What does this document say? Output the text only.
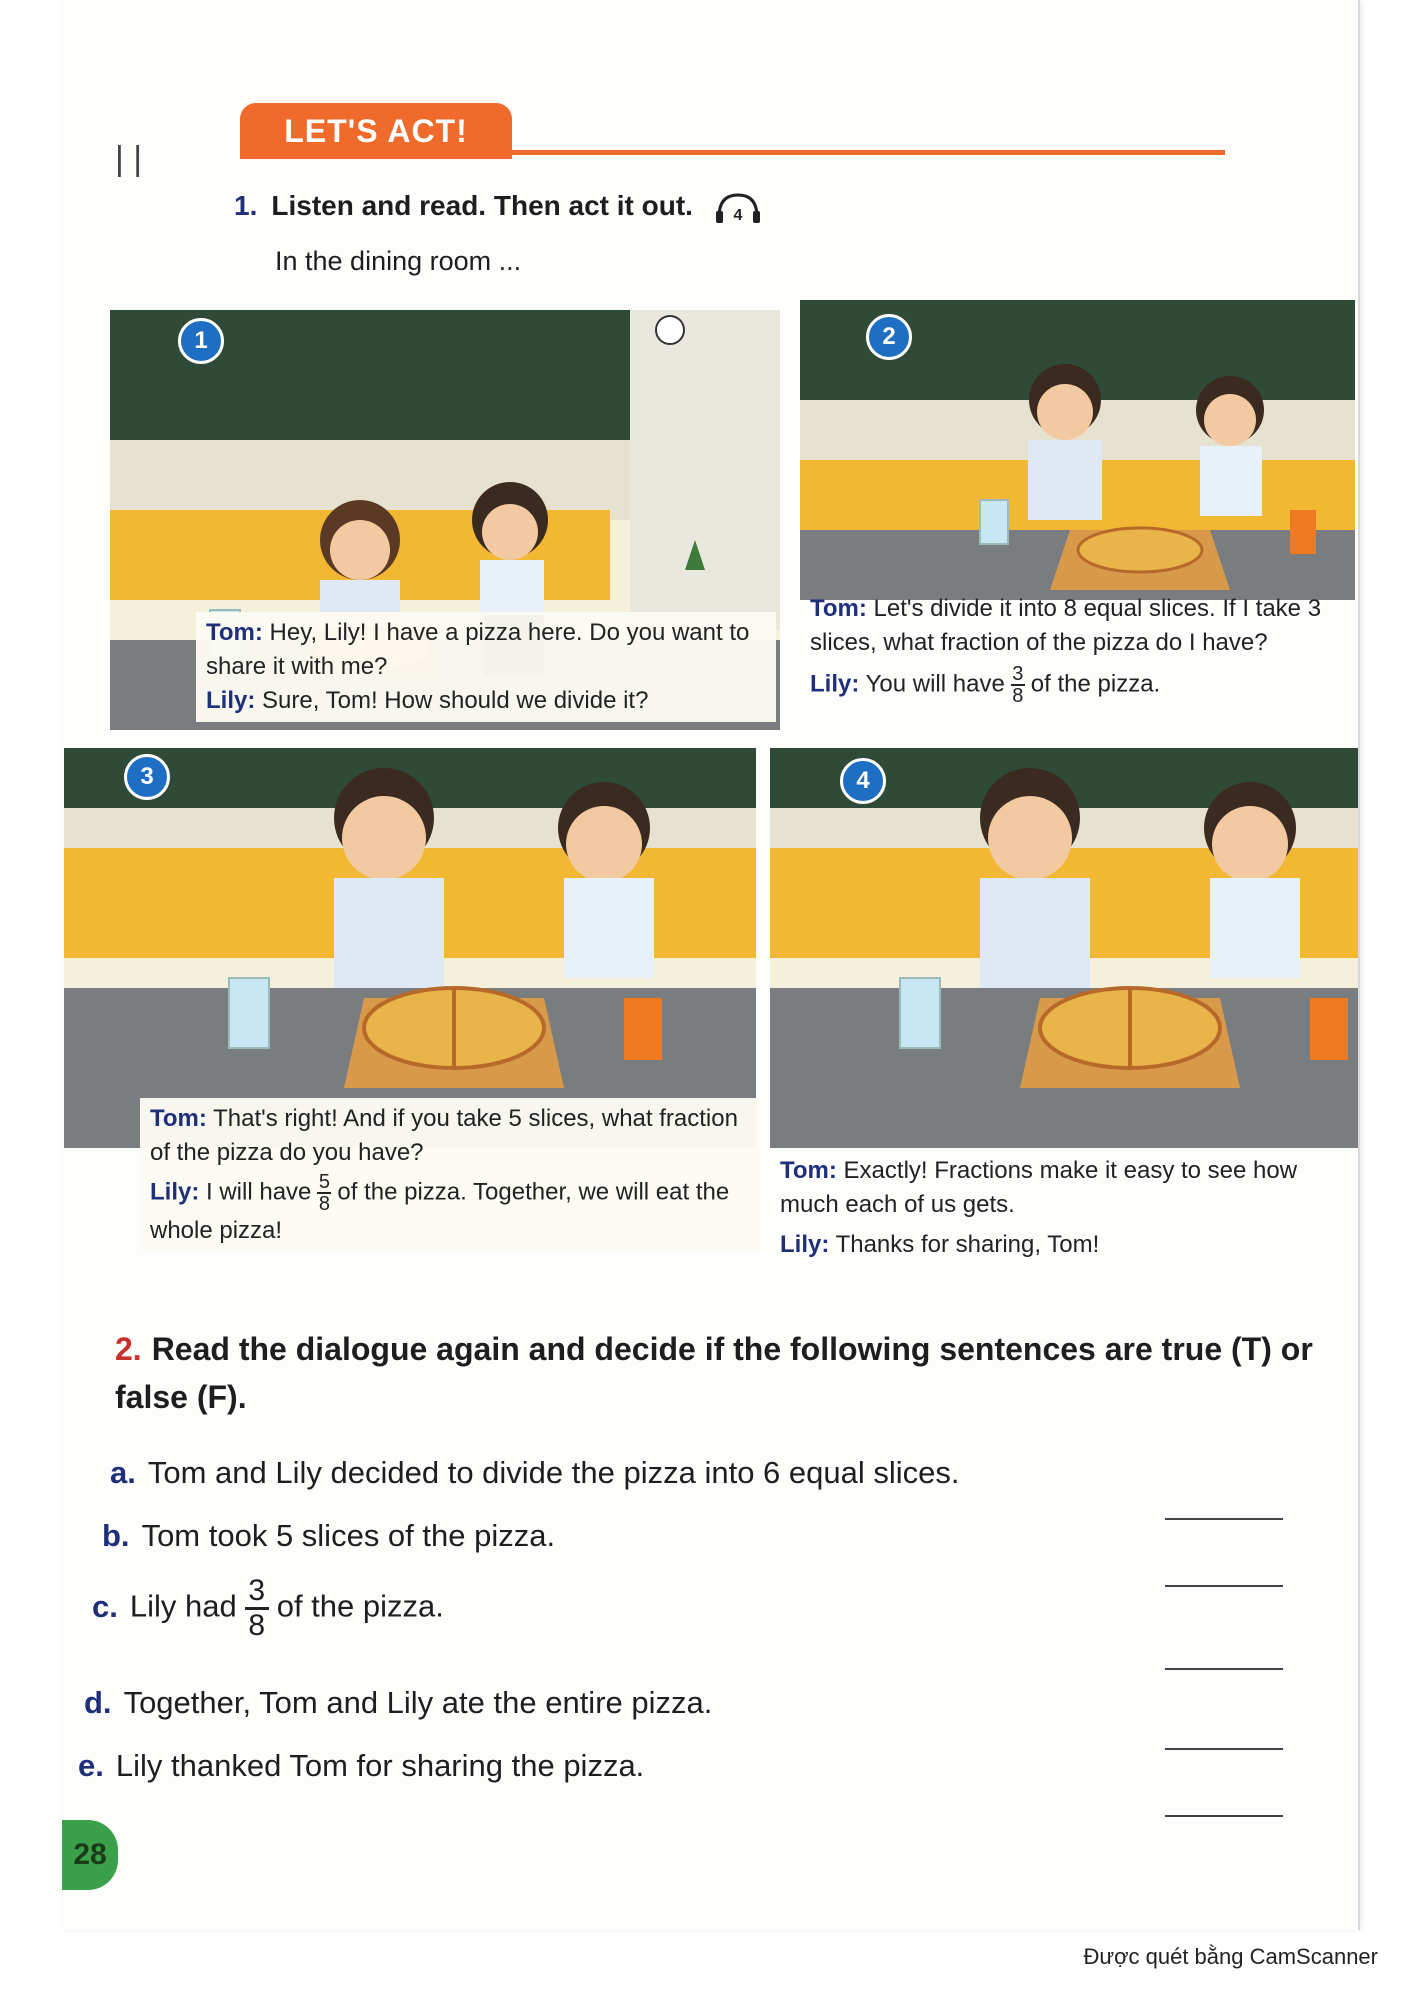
| |
LET'S ACT!
1. Listen and read. Then act it out.	4
In the dining room ...
1
Tom: Hey, Lily! I have a pizza here. Do you want to share it with me?
Lily: Sure, Tom! How should we divide it?
2
Tom: Let's divide it into 8 equal slices. If I take 3 slices, what fraction of the pizza do I have?
Lily: You will have $\frac{3}{8}$ of the pizza.
3
Tom: That's right! And if you take 5 slices, what fraction of the pizza do you have?
Lily: I will have $\frac{5}{8}$ of the pizza. Together, we will eat the whole pizza!
4
Tom: Exactly! Fractions make it easy to see how much each of us gets.
Lily: Thanks for sharing, Tom!
2. Read the dialogue again and decide if the following sentences are true (T) or false (F).
a. Tom and Lily decided to divide the pizza into 6 equal slices.
b. Tom took 5 slices of the pizza.
c. Lily had $\frac{3}{8}$ of the pizza.
d. Together, Tom and Lily ate the entire pizza.
e. Lily thanked Tom for sharing the pizza.
28
Được quét bằng CamScanner
